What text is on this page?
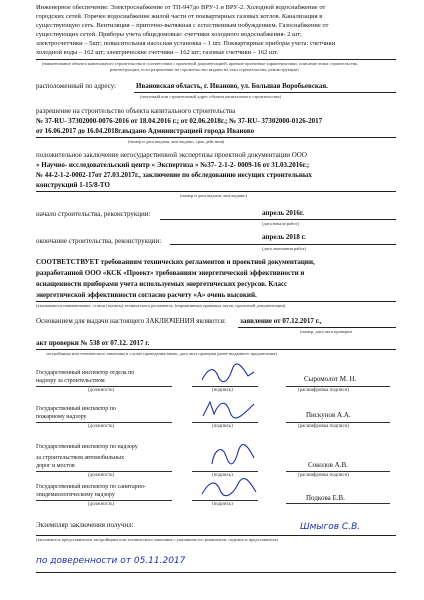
Инженерное обеспечение: Электроснабжение от ТП-947до ВРУ-1 и ВРУ-2. Холодной водоснабжение от
городских сетей. Горячее водоснабжение жилой части от поквартирных газовых котлов. Канализация в
существующую сеть. Вентиляция – приточно-вытяжная с естественным побуждением. Газоснабжение от
существующих сетей. Приборы учета общедомовые: счетчики холодного водоснабжения- 2 шт;
электросчетчики – 5шт; повысительная насосная установка – 1 шт. Поквартирные приборы учета: счетчики
холодной воды – 162 шт; электрические счетчики – 162 шт; газовые счетчики – 162 шт.
(наименование объекта капитального строительства в соответствии с проектной документацией, краткие проектные характеристики, описание этапа строительства,
реконструкции, если разрешение на строительство выдано на этап строительства, реконструкции)
расположенный по адресу:	Ивановская область, г. Иваново, ул. Большая Воробьевская.
(почтовый или строительный адрес объекта капитального строительства)
разрешение на строительство объекта капитального строительства
№ 37-RU- 37302000-0076-2016 от 18.04.2016 г.; от 02.06.2018г.; № 37-RU- 37302000-0126-2017
от 16.06.2017 до 16.04.2018г.выдано Администрацией города Иваново
(номер и дата выдачи, кем выдано, срок действия)
положительное заключение негосударственной экспертизы проектной документации ООО
« Научно- исследовательский центр « Экспертиза » №37- 2-1-2- 0009-16 от 31.03.2016г.;
№ 44-2-1-2-0002-17от 27.03.2017г., заключение по обследованию несущих строительных
конструкций 1-15/8-ТО
(номер и дата выдачи, кем выдано)
начало строительства, реконструкции:	апрель 2016г.
(дата начала работ)
окончание строительства, реконструкции:	апрель 2018 г.
(дата окончания работ)
СООТВЕТСТВУЕТ требованиям технических регламентов и проектной документации,
разработанной ООО «КСК «Проект» требованиям энергетической эффективности и
оснащенности приборами учета используемых энергетических ресурсов. Класс
энергетической эффективности согласно расчету «А» очень высокий.
(указываются наименование, статьи (пункты) технического регламента, (нормативных правовых актов, проектной документации)
Основанием для выдачи настоящего ЗАКЛЮЧЕНИЯ являются: заявление от 07.12.2017 г.,
(номер, дата акта проверки
акт проверки № 538 от 07.12. 2017 г.
застройщика или технического заказчика в случае проведения вновь, дата акта проверки ранее выданного предписания)
Государственный инспектор отдела по
надзору за строительством
(должность)	(подпись)
Сыромолот М. Н.
(расшифровка подписи)
Государственный инспектор по
пожарному надзору
(должность)	(подпись)
Пискунов А.А.
(расшифровка подписи)
Государственный инспектор по надзору
за строительством автомобильных
дорог и мостов
(должность)	(подпись)
Соколов А.В.
(расшифровка подписи)
Государственный инспектор по санитарно-
эпидемиологическому надзору
(должность)	(подпись)
Подкова Е.В.
Экземпляр заключения получил:
(заполняется представителем застройщика или технического заказчика с указанием его реквизитов, подпись и представителя)
Шмыгов С.В.
по доверенности от 05.11.2017
